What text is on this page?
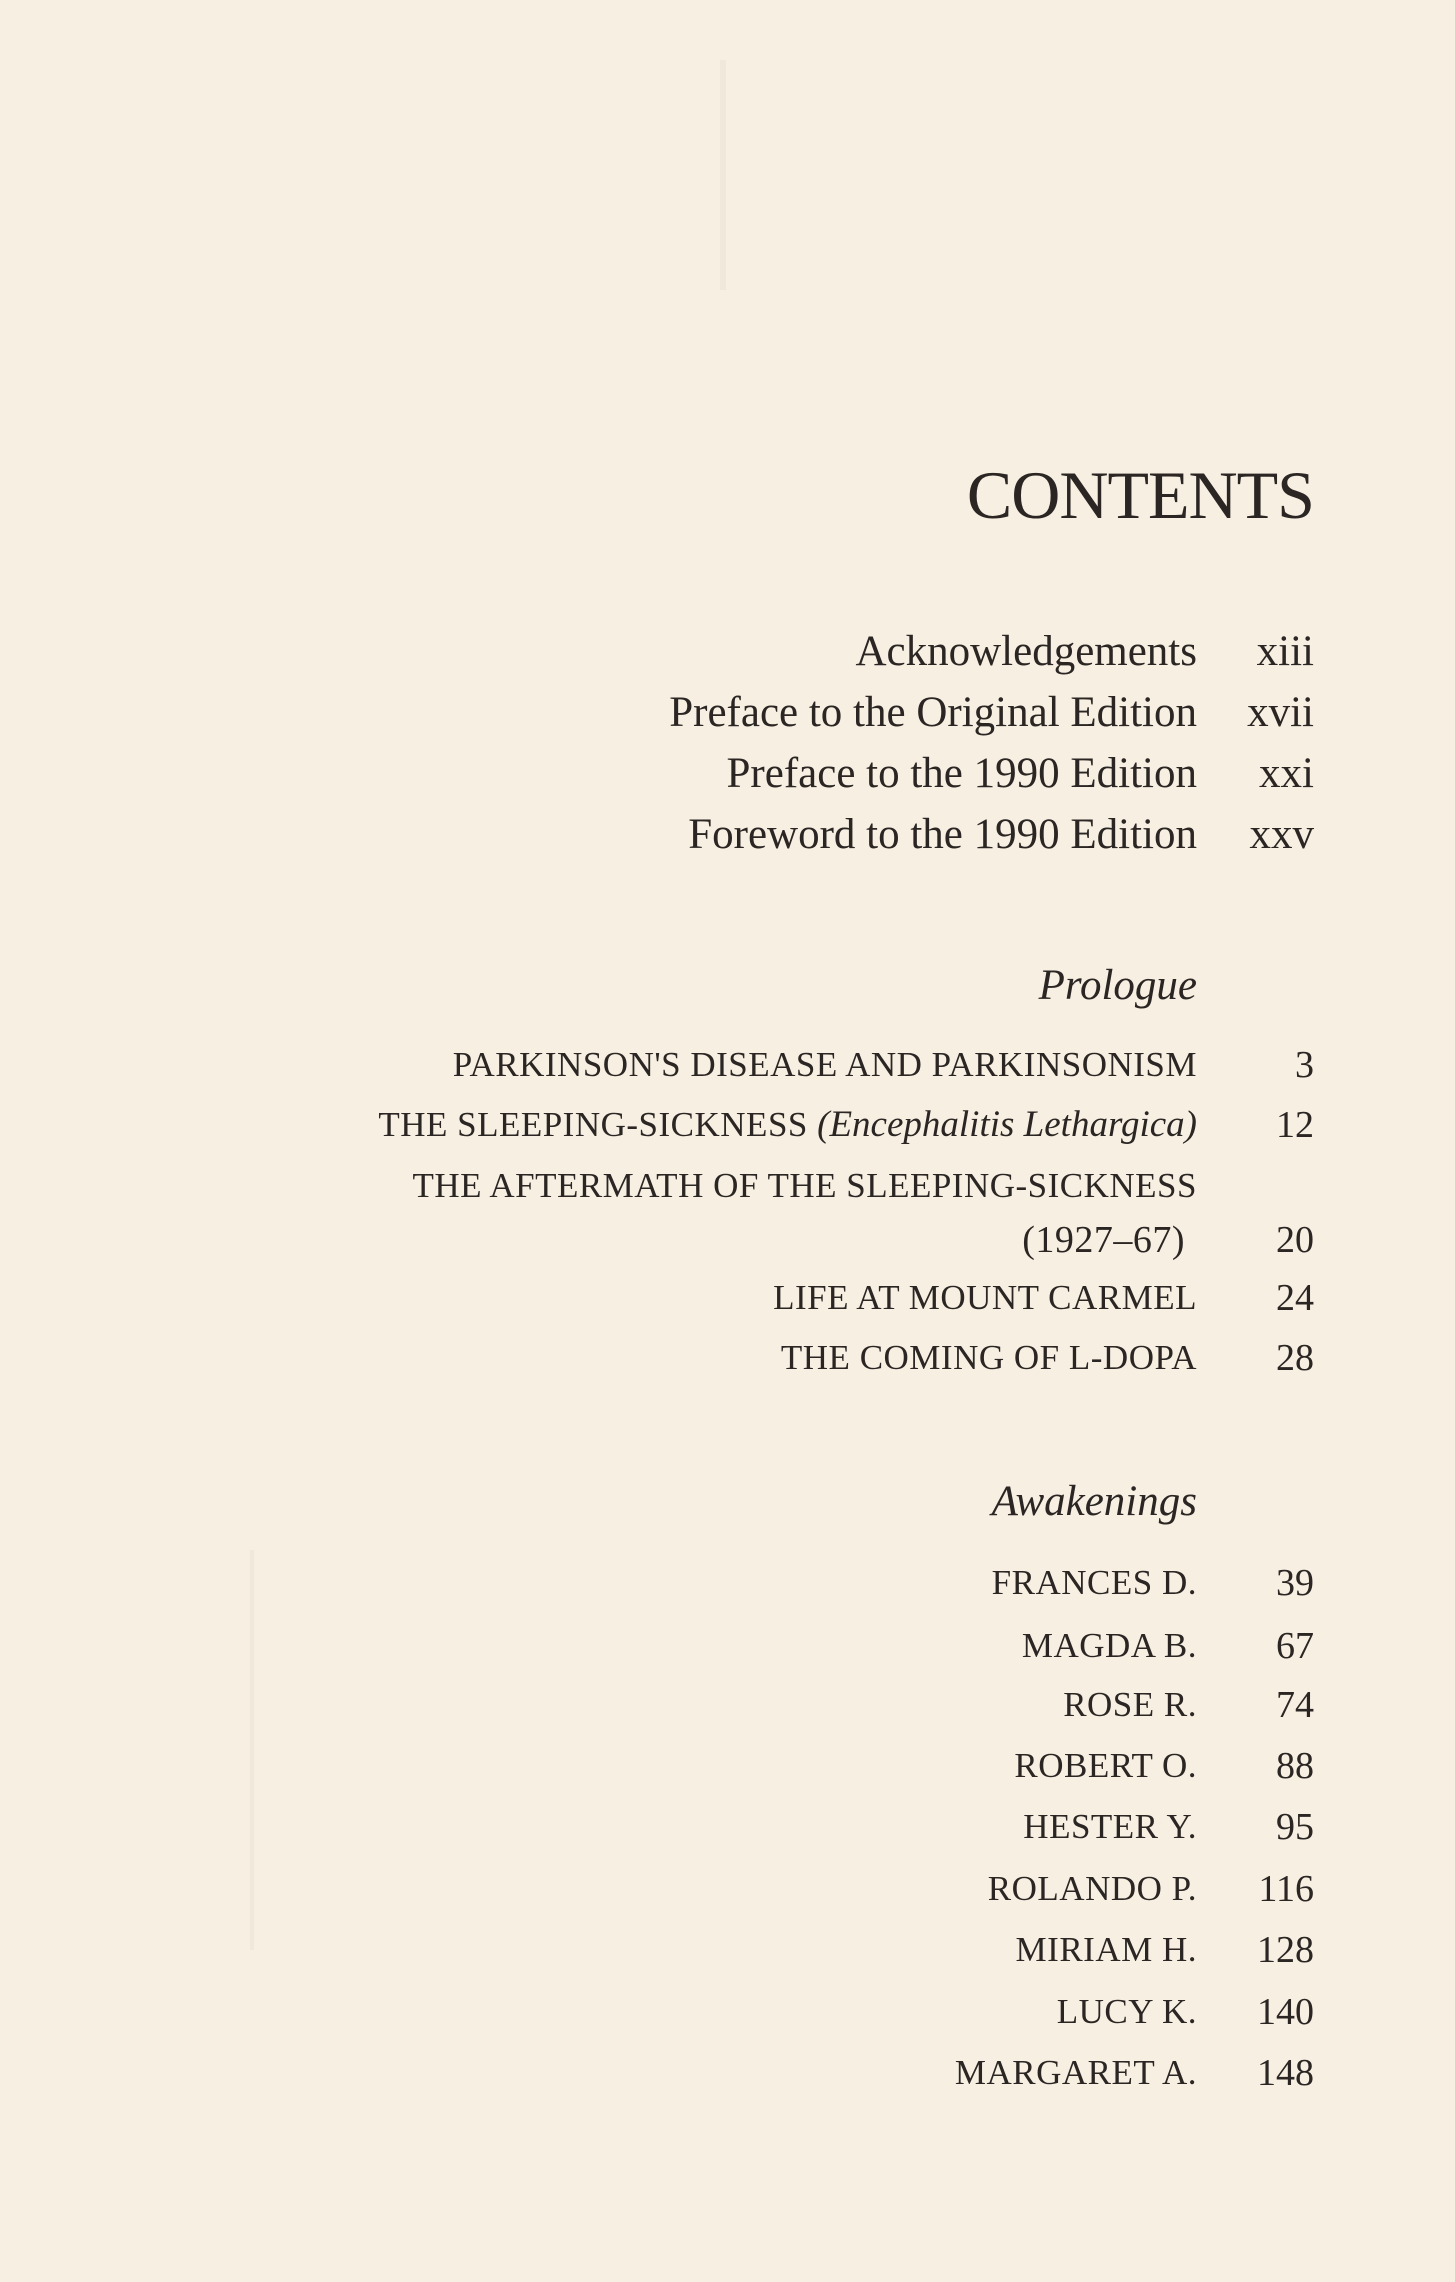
CONTENTS
Acknowledgements xiii
Preface to the Original Edition xvii
Preface to the 1990 Edition xxi
Foreword to the 1990 Edition xxv
Prologue
PARKINSON'S DISEASE AND PARKINSONISM	3
THE SLEEPING-SICKNESS (Encephalitis Lethargica) 12
THE AFTERMATH OF THE SLEEPING-SICKNESS
(1927–67) 20
LIFE AT MOUNT CARMEL 24
THE COMING OF L-DOPA 28
Awakenings
FRANCES D. 39
MAGDA B. 67
ROSE R. 74
ROBERT O. 88
HESTER Y. 95
ROLANDO P. 116
MIRIAM H. 128
LUCY K. 140
MARGARET A. 148
